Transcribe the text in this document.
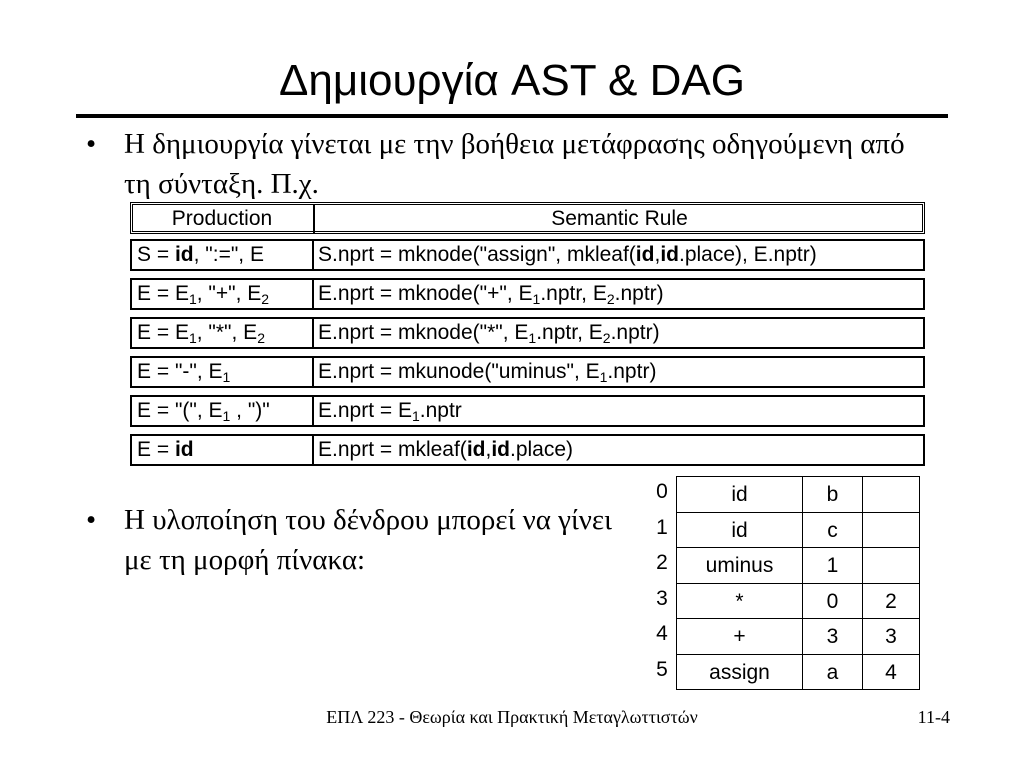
Δημιουργία AST & DAG
• Η δημιουργία γίνεται με την βοήθεια μετάφρασης οδηγούμενη από τη σύνταξη. Π.χ.
Production	Semantic Rule
S = id, ":=", E	S.nprt = mknode("assign", mkleaf(id,id.place), E.nptr)
$E = E_1$, "+", $E_2$	E.nprt = mknode("+", $E_1.nptr$, $E_2.nptr$)
$E = E_1$, "*", $E_2$	E.nprt = mknode("*", $E_1.nptr$, $E_2.nptr$)
E = "-", $E_1$	E.nprt = mkunode("uminus", $E_1.nptr$)
E = "(", $E_1$ , ")"	E.nprt = $E_1.nptr$
E = id	E.nprt = mkleaf(id,id.place)
• Η υλοποίηση του δένδρου μπορεί να γίνει με τη μορφή πίνακα:
0	id	b
1	id	c
2	uminus	1
3	*	0	2
4	+	3	3
5	assign	a	4
ΕΠΛ 223 - Θεωρία και Πρακτική Μεταγλωττιστών	11-4
